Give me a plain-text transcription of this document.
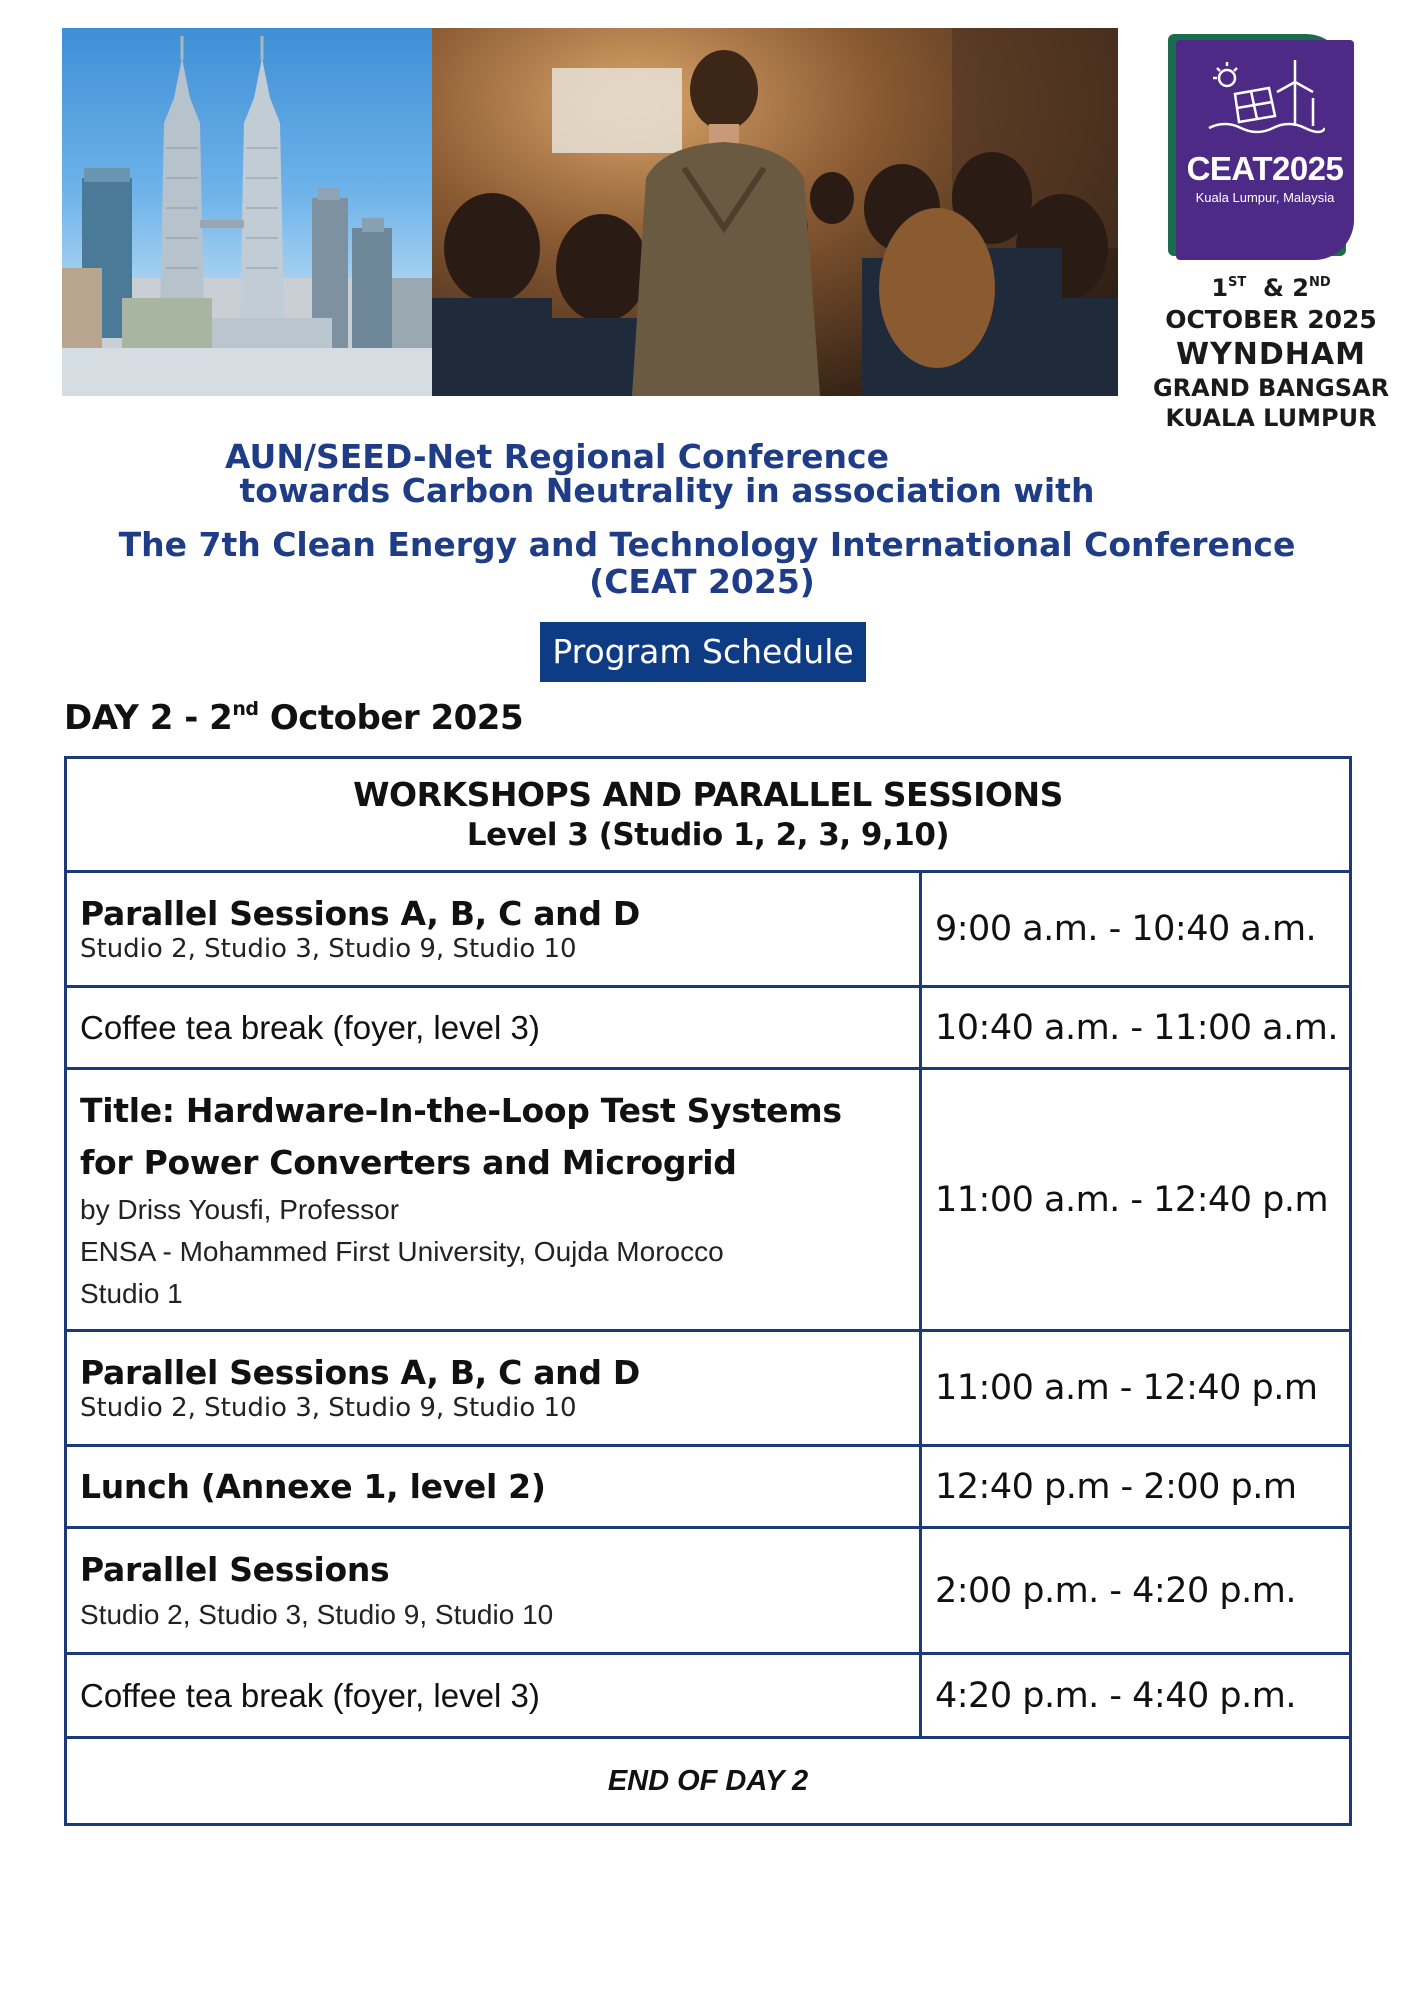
CEAT2025
Kuala Lumpur, Malaysia
1ST & 2ND
OCTOBER 2025
WYNDHAM
GRAND BANGSAR
KUALA LUMPUR
AUN/SEED-Net Regional Conference
towards Carbon Neutrality in association with
The 7th Clean Energy and Technology International Conference
(CEAT 2025)
Program Schedule
DAY 2 - 2nd October 2025
WORKSHOPS AND PARALLEL SESSIONS
Level 3 (Studio 1, 2, 3, 9,10)
Parallel Sessions A, B, C and D
Studio 2, Studio 3, Studio 9, Studio 10	9:00 a.m. - 10:40 a.m.
Coffee tea break (foyer, level 3)	10:40 a.m. - 11:00 a.m.
Title: Hardware-In-the-Loop Test Systems
for Power Converters and Microgrid
by Driss Yousfi, Professor
ENSA - Mohammed First University, Oujda Morocco
Studio 1
11:00 a.m. - 12:40 p.m
Parallel Sessions A, B, C and D
Studio 2, Studio 3, Studio 9, Studio 10	11:00 a.m - 12:40 p.m
Lunch (Annexe 1, level 2)	12:40 p.m - 2:00 p.m
Parallel Sessions
Studio 2, Studio 3, Studio 9, Studio 10
2:00 p.m. - 4:20 p.m.
Coffee tea break (foyer, level 3)	4:20 p.m. - 4:40 p.m.
END OF DAY 2
